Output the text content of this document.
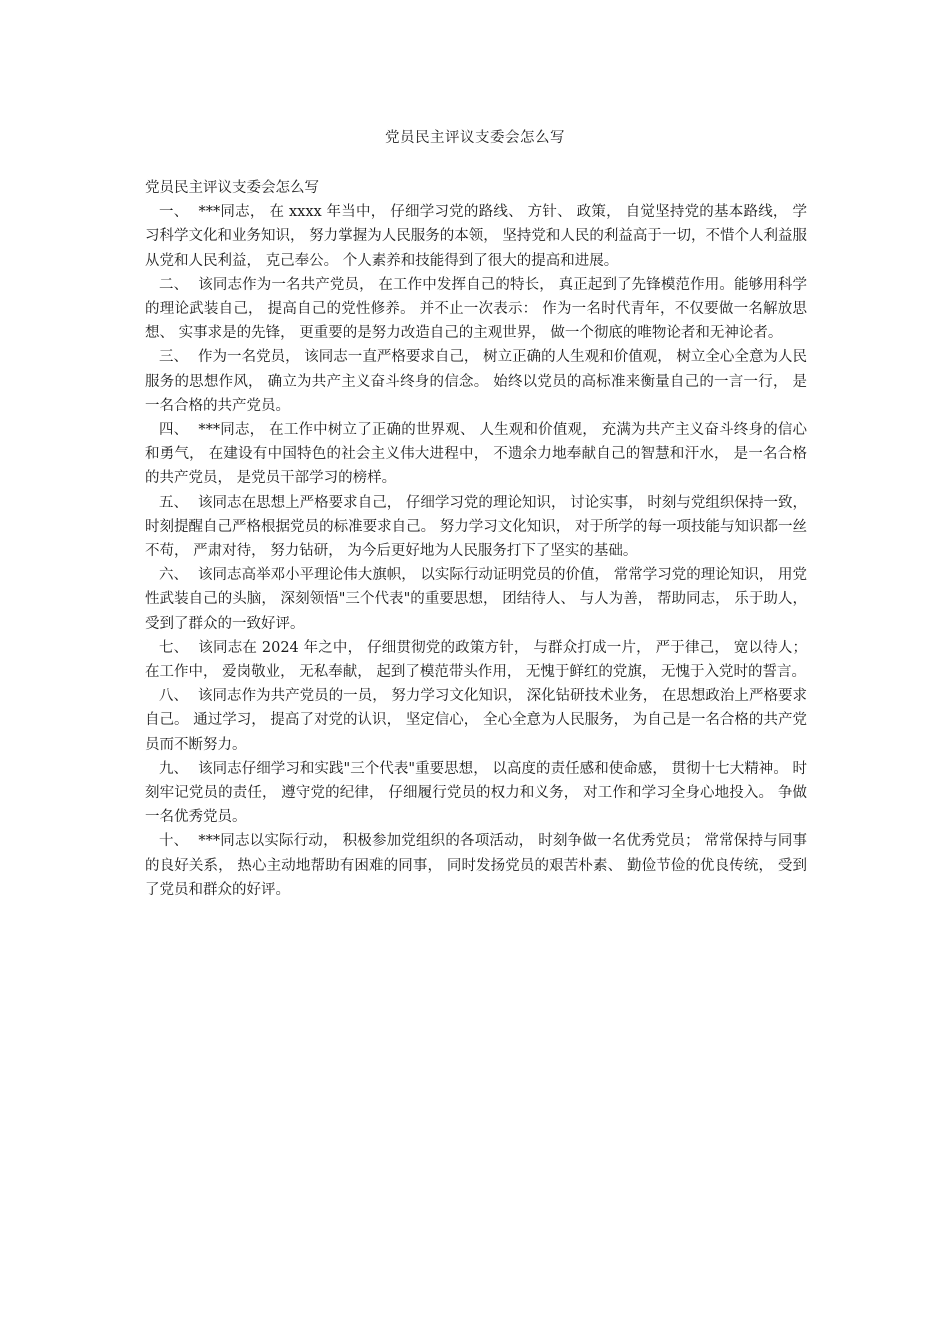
党员民主评议支委会怎么写

党员民主评议支委会怎么写

一、 ***同志， 在 xxxx 年当中， 仔细学习党的路线、 方针、 政策， 自觉坚持党的基本路线， 学习科学文化和业务知识， 努力掌握为人民服务的本领， 坚持党和人民的利益高于一切，不惜个人利益服从党和人民利益， 克己奉公。 个人素养和技能得到了很大的提高和进展。

二、 该同志作为一名共产党员， 在工作中发挥自己的特长， 真正起到了先锋模范作用。能够用科学的理论武装自己， 提高自己的党性修养。 并不止一次表示： 作为一名时代青年，不仅要做一名解放思想、 实事求是的先锋， 更重要的是努力改造自己的主观世界， 做一个彻底的唯物论者和无神论者。

三、 作为一名党员， 该同志一直严格要求自己， 树立正确的人生观和价值观， 树立全心全意为人民服务的思想作风， 确立为共产主义奋斗终身的信念。 始终以党员的高标准来衡量自己的一言一行， 是一名合格的共产党员。

四、 ***同志， 在工作中树立了正确的世界观、 人生观和价值观， 充满为共产主义奋斗终身的信心和勇气， 在建设有中国特色的社会主义伟大进程中， 不遗余力地奉献自己的智慧和汗水， 是一名合格的共产党员， 是党员干部学习的榜样。

五、 该同志在思想上严格要求自己， 仔细学习党的理论知识， 讨论实事， 时刻与党组织保持一致， 时刻提醒自己严格根据党员的标准要求自己。 努力学习文化知识， 对于所学的每一项技能与知识都一丝不苟， 严肃对待， 努力钻研， 为今后更好地为人民服务打下了坚实的基础。

六、 该同志高举邓小平理论伟大旗帜， 以实际行动证明党员的价值， 常常学习党的理论知识， 用党性武装自己的头脑， 深刻领悟"三个代表"的重要思想， 团结待人、 与人为善， 帮助同志， 乐于助人， 受到了群众的一致好评。

七、 该同志在 2024 年之中， 仔细贯彻党的政策方针， 与群众打成一片， 严于律己， 宽以待人； 在工作中， 爱岗敬业， 无私奉献， 起到了模范带头作用， 无愧于鲜红的党旗， 无愧于入党时的誓言。

八、 该同志作为共产党员的一员， 努力学习文化知识， 深化钻研技术业务， 在思想政治上严格要求自己。 通过学习， 提高了对党的认识， 坚定信心， 全心全意为人民服务， 为自己是一名合格的共产党员而不断努力。

九、 该同志仔细学习和实践"三个代表"重要思想， 以高度的责任感和使命感， 贯彻十七大精神。 时刻牢记党员的责任， 遵守党的纪律， 仔细履行党员的权力和义务， 对工作和学习全身心地投入。 争做一名优秀党员。

十、 ***同志以实际行动， 积极参加党组织的各项活动， 时刻争做一名优秀党员； 常常保持与同事的良好关系， 热心主动地帮助有困难的同事， 同时发扬党员的艰苦朴素、 勤俭节俭的优良传统， 受到了党员和群众的好评。
